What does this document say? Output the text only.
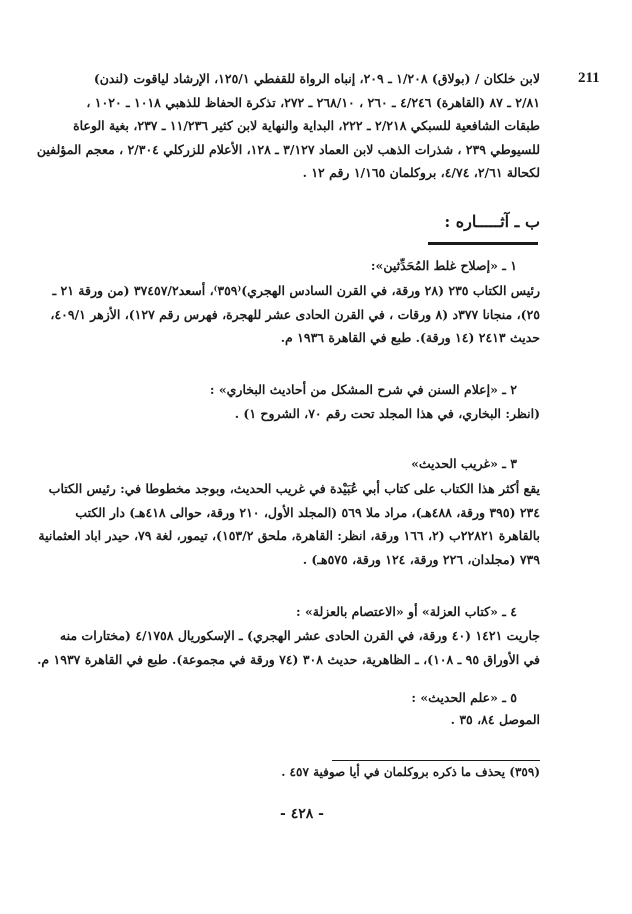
211
لابن خلكان / (بولاق) ١/٢٠٨ ـ ٢٠٩، إنباه الرواة للقفطي ١٢٥/١، الإرشاد لياقوت (لندن)
٢/٨١ ـ ٨٧ (القاهرة) ٤/٢٤٦ ـ ٢٦٠ ، ٢٦٨/١٠ ـ ٢٧٢، تذكرة الحفاظ للذهبي ١٠١٨ ـ ١٠٢٠ ،
طبقات الشافعية للسبكي ٢/٢١٨ ـ ٢٢٢، البداية والنهاية لابن كثير ١١/٢٣٦ ـ ٢٣٧، بغية الوعاة
للسيوطي ٢٣٩ ، شذرات الذهب لابن العماد ٣/١٢٧ ـ ١٢٨، الأعلام للزركلي ٢/٣٠٤ ، معجم المؤلفين
لكحالة ٢/٦١، ٤/٧٤، بروكلمان ١/١٦٥ رقم ١٢ .
ب ـ آثـــــاره :
١ ـ «إصلاح غلط المُحَدِّثين»:
رئيس الكتاب ٢٣٥ (٢٨ ورقة، في القرن السادس الهجري)⁽٣٥٩⁾، أسعد٣٧٤٥٧/٢ (من ورقة ٢١ ـ
٢٥)، منجانا ٣٧٧د (٨ ورقات ، في القرن الحادى عشر للهجرة، فهرس رقم ١٢٧)، الأزهر ٤٠٩/١،
حديث ٢٤١٣ (١٤ ورقة). طبع في القاهرة ١٩٣٦ م.
٢ ـ «إعلام السنن في شرح المشكل من أحاديث البخاري» :
(انظر: البخاري، في هذا المجلد تحت رقم ٧٠، الشروح ١) .
٣ ـ «غريب الحديث»
يقع أكثر هذا الكتاب على كتاب أبي عُبَيْدة في غريب الحديث، وبوجد مخطوطا في: رئيس الكتاب
٢٣٤ (٣٩٥ ورقة، ٤٨٨هـ)، مراد ملا ٥٦٩ (المجلد الأول، ٢١٠ ورقة، حوالى ٤١٨هـ) دار الكتب
بالقاهرة ٢٢٨٢١ب (٢، ١٦٦ ورقة، انظر: القاهرة، ملحق ١٥٣/٢)، تيمور، لغة ٧٩، حيدر اباد العثمانية
٧٣٩ (مجلدان، ٢٢٦ ورقة، ١٢٤ ورقة، ٥٧٥هـ) .
٤ ـ «كتاب العزلة» أو «الاعتصام بالعزلة» :
جاريت ١٤٢١ (٤٠ ورقة، في القرن الحادى عشر الهجري) ـ الإسكوريال ٤/١٧٥٨ (مختارات منه
في الأوراق ٩٥ ـ ١٠٨)، ـ الظاهرية، حديث ٣٠٨ (٧٤ ورقة في مجموعة). طبع في القاهرة ١٩٣٧ م.
٥ ـ «علم الحديث» :
الموصل ٨٤، ٣٥ .
(٣٥٩) يحذف ما ذكره بروكلمان في أيا صوفية ٤٥٧ .
- ٤٢٨ -
